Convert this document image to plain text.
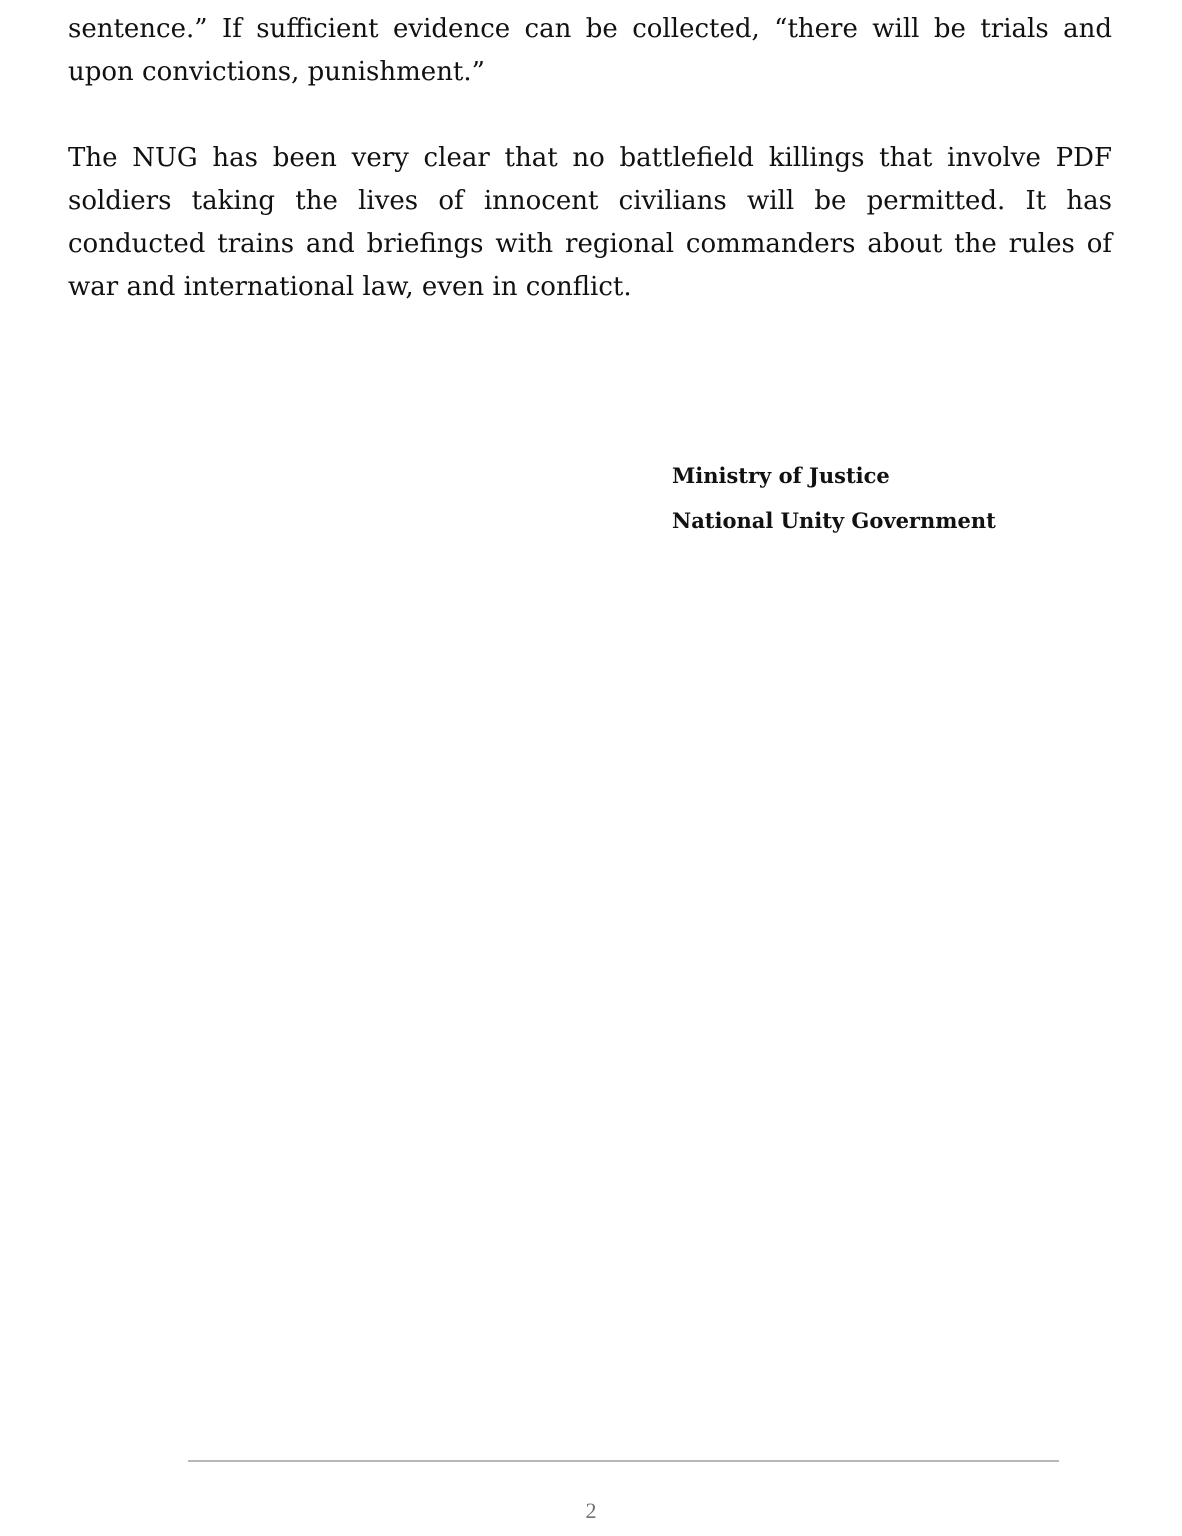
sentence.” If sufficient evidence can be collected, “there will be trials and upon convictions, punishment.”

The NUG has been very clear that no battlefield killings that involve PDF soldiers taking the lives of innocent civilians will be permitted. It has conducted trains and briefings with regional commanders about the rules of war and international law, even in conflict.

Ministry of Justice
National Unity Government
2
